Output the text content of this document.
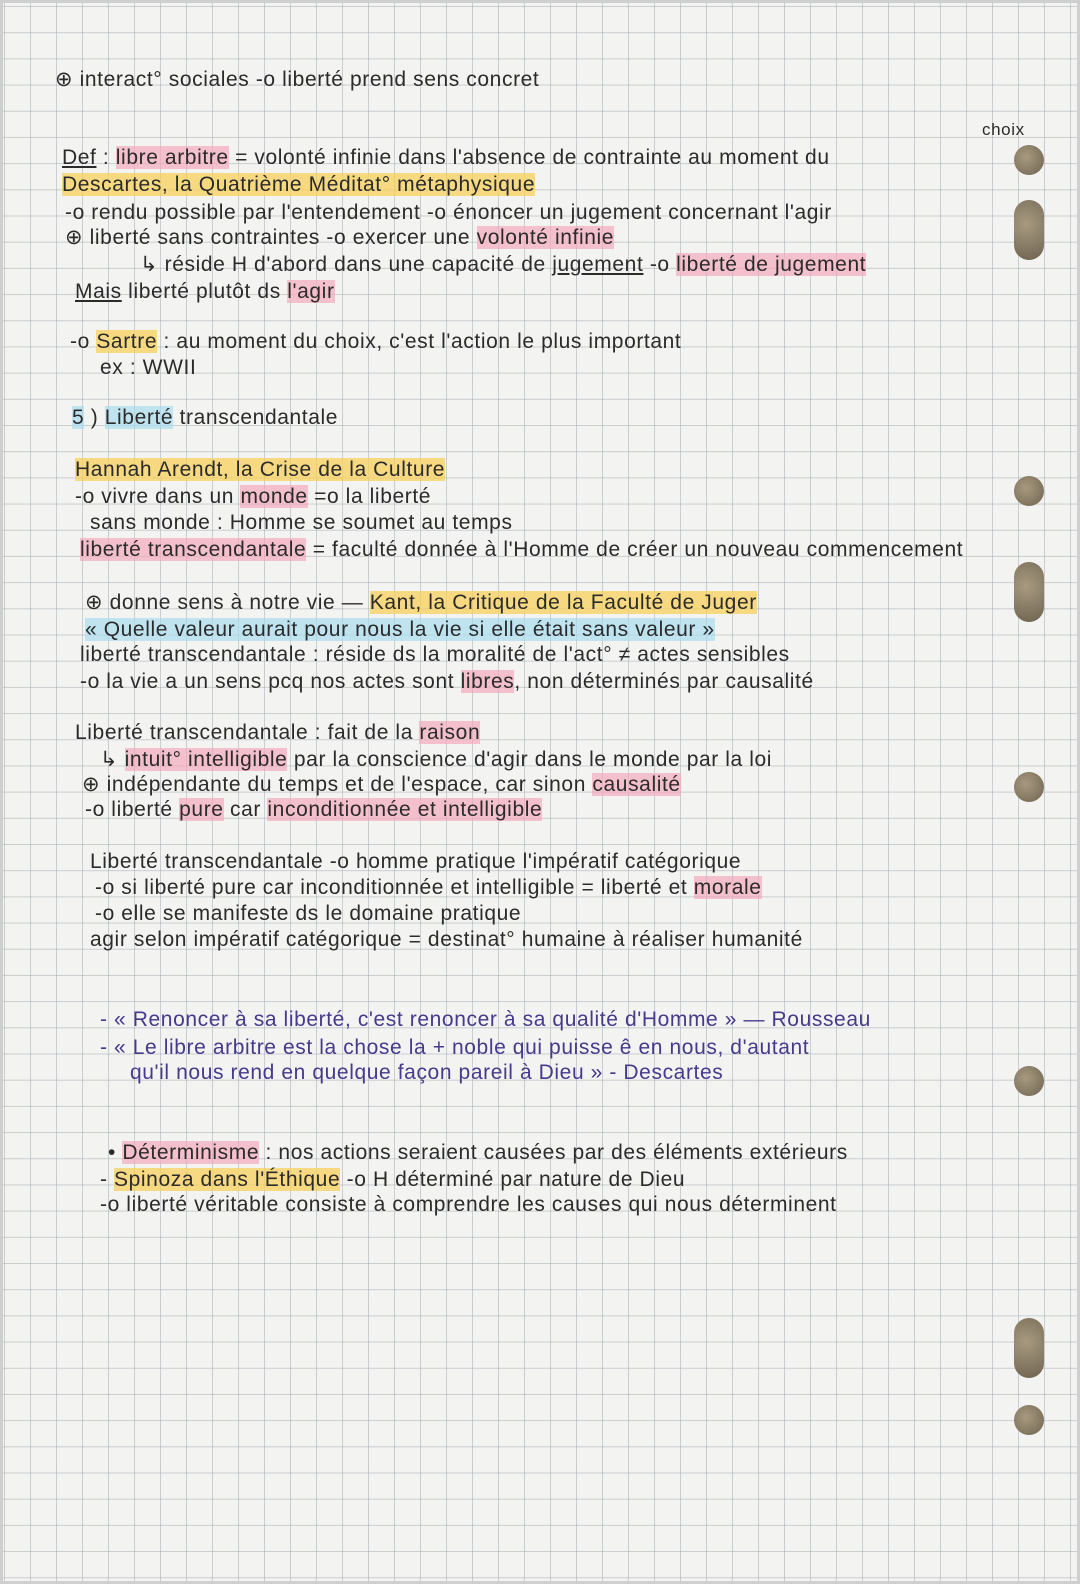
⊕ interact° sociales -o liberté prend sens concret
choix
Def : libre arbitre = volonté infinie dans l'absence de contrainte au moment du
Descartes, la Quatrième Méditat° métaphysique
-o rendu possible par l'entendement -o énoncer un jugement concernant l'agir
⊕ liberté sans contraintes -o exercer une volonté infinie
↳ réside H d'abord dans une capacité de jugement -o liberté de jugement
Mais liberté plutôt ds l'agir
-o Sartre : au moment du choix, c'est l'action le plus important
ex : WWII
5 ) Liberté transcendantale
Hannah Arendt, la Crise de la Culture
-o vivre dans un monde =o la liberté
sans monde : Homme se soumet au temps
liberté transcendantale = faculté donnée à l'Homme de créer un nouveau commencement
⊕ donne sens à notre vie — Kant, la Critique de la Faculté de Juger
« Quelle valeur aurait pour nous la vie si elle était sans valeur »
liberté transcendantale : réside ds la moralité de l'act° ≠ actes sensibles
-o la vie a un sens pcq nos actes sont libres, non déterminés par causalité
Liberté transcendantale : fait de la raison
↳ intuit° intelligible par la conscience d'agir dans le monde par la loi
⊕ indépendante du temps et de l'espace, car sinon causalité
-o liberté pure car inconditionnée et intelligible
Liberté transcendantale -o homme pratique l'impératif catégorique
-o si liberté pure car inconditionnée et intelligible = liberté et morale
-o elle se manifeste ds le domaine pratique
agir selon impératif catégorique = destinat° humaine à réaliser humanité
- « Renoncer à sa liberté, c'est renoncer à sa qualité d'Homme » — Rousseau
- « Le libre arbitre est la chose la + noble qui puisse ê en nous, d'autant
qu'il nous rend en quelque façon pareil à Dieu » - Descartes
• Déterminisme : nos actions seraient causées par des éléments extérieurs
- Spinoza dans l'Éthique -o H déterminé par nature de Dieu
-o liberté véritable consiste à comprendre les causes qui nous déterminent
